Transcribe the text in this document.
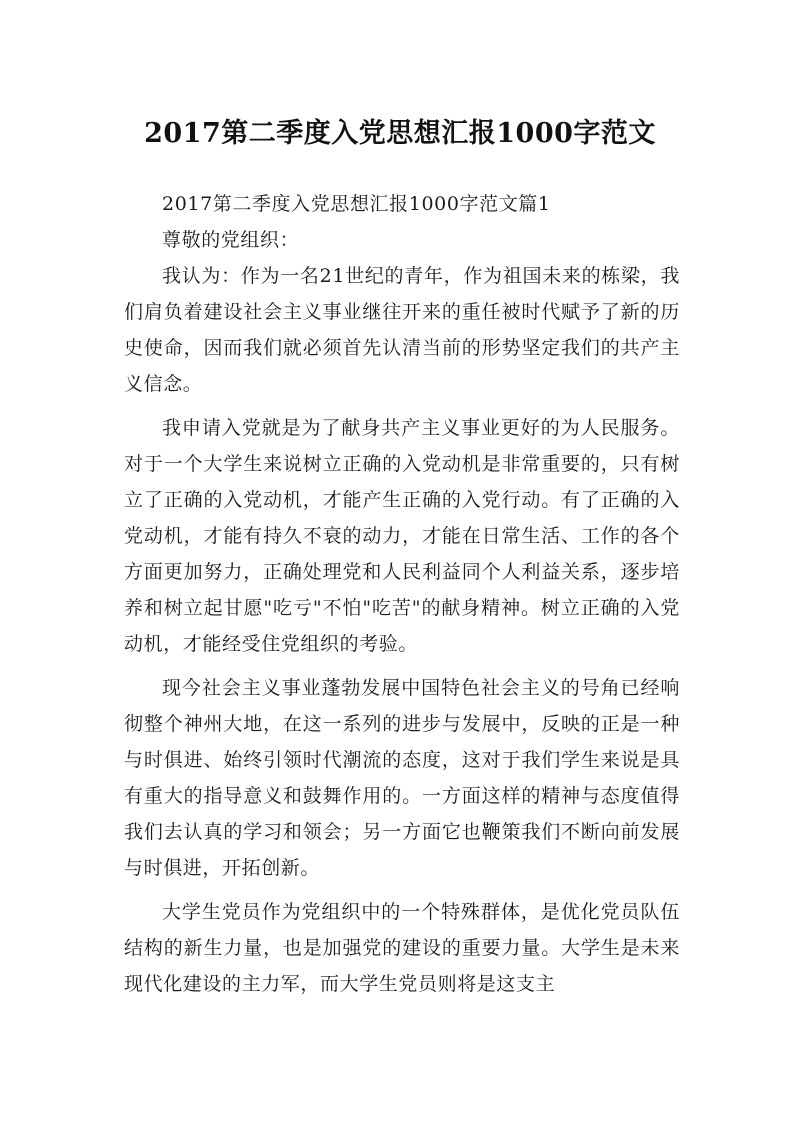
2017第二季度入党思想汇报1000字范文

2017第二季度入党思想汇报1000字范文篇1

尊敬的党组织：

我认为：作为一名21世纪的青年，作为祖国未来的栋梁，我们肩负着建设社会主义事业继往开来的重任被时代赋予了新的历史使命，因而我们就必须首先认清当前的形势坚定我们的共产主义信念。

我申请入党就是为了献身共产主义事业更好的为人民服务。对于一个大学生来说树立正确的入党动机是非常重要的，只有树立了正确的入党动机，才能产生正确的入党行动。有了正确的入党动机，才能有持久不衰的动力，才能在日常生活、工作的各个方面更加努力，正确处理党和人民利益同个人利益关系，逐步培养和树立起甘愿"吃亏"不怕"吃苦"的献身精神。树立正确的入党动机，才能经受住党组织的考验。

现今社会主义事业蓬勃发展中国特色社会主义的号角已经响彻整个神州大地，在这一系列的进步与发展中，反映的正是一种与时俱进、始终引领时代潮流的态度，这对于我们学生来说是具有重大的指导意义和鼓舞作用的。一方面这样的精神与态度值得我们去认真的学习和领会；另一方面它也鞭策我们不断向前发展与时俱进，开拓创新。

大学生党员作为党组织中的一个特殊群体，是优化党员队伍结构的新生力量，也是加强党的建设的重要力量。大学生是未来现代化建设的主力军，而大学生党员则将是这支主
